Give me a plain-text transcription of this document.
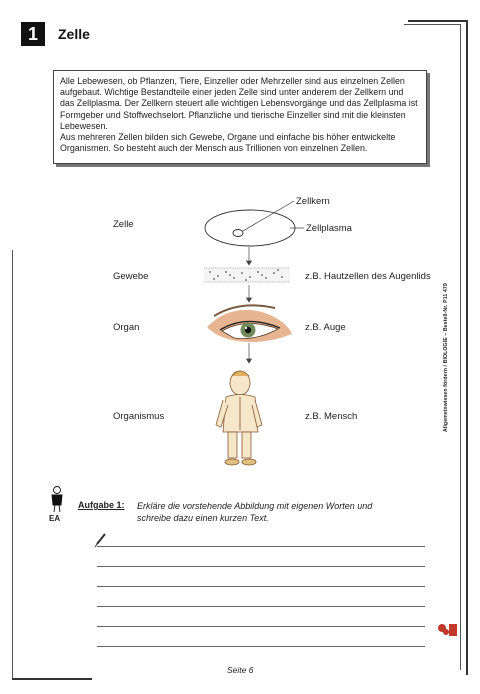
1	Zelle

Alle Lebewesen, ob Pflanzen, Tiere, Einzeller oder Mehrzeller sind aus einzelnen Zellen aufgebaut. Wichtige Bestandteile einer jeden Zelle sind unter anderem der Zellkern und das Zellplasma. Der Zellkern steuert alle wichtigen Lebensvorgänge und das Zellplasma ist Formgeber und Stoffwechselort. Pflanzliche und tierische Einzeller sind mit die kleinsten Lebewesen.

Aus mehreren Zellen bilden sich Gewebe, Organe und einfache bis höher entwickelte Organismen. So besteht auch der Mensch aus Trillionen von einzelnen Zellen.

Zellkern
Zelle	Zellplasma
Gewebe	z.B. Hautzellen des Augenlids
Organ	z.B. Auge
Organismus	z.B. Mensch	Allgemeinwissen fördern / BIOLOGIE – Bestell-Nr. P11 479
EA
Aufgabe 1: Erkläre die vorstehende Abbildung mit eigenen Worten und schreibe dazu einen kurzen Text.
Seite 6
